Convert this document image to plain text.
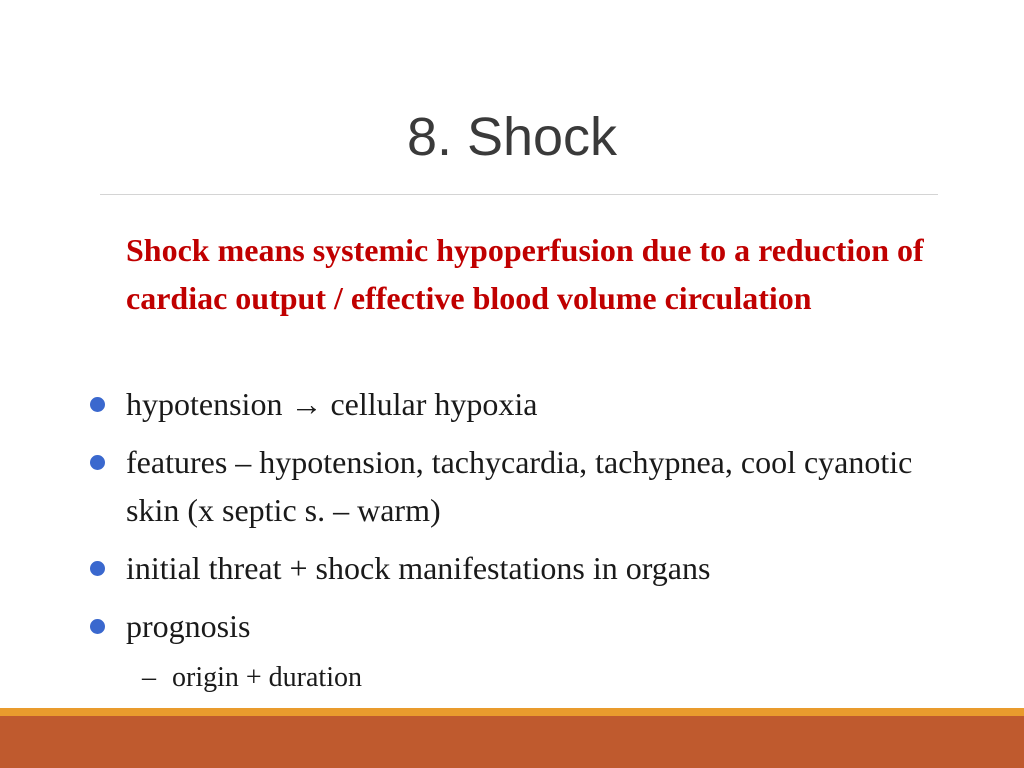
8. Shock
Shock means systemic hypoperfusion due to a reduction of cardiac output / effective blood volume circulation
hypotension → cellular hypoxia
features – hypotension, tachycardia, tachypnea, cool cyanotic skin (x septic s. – warm)
initial threat + shock manifestations in organs
prognosis
– origin + duration
